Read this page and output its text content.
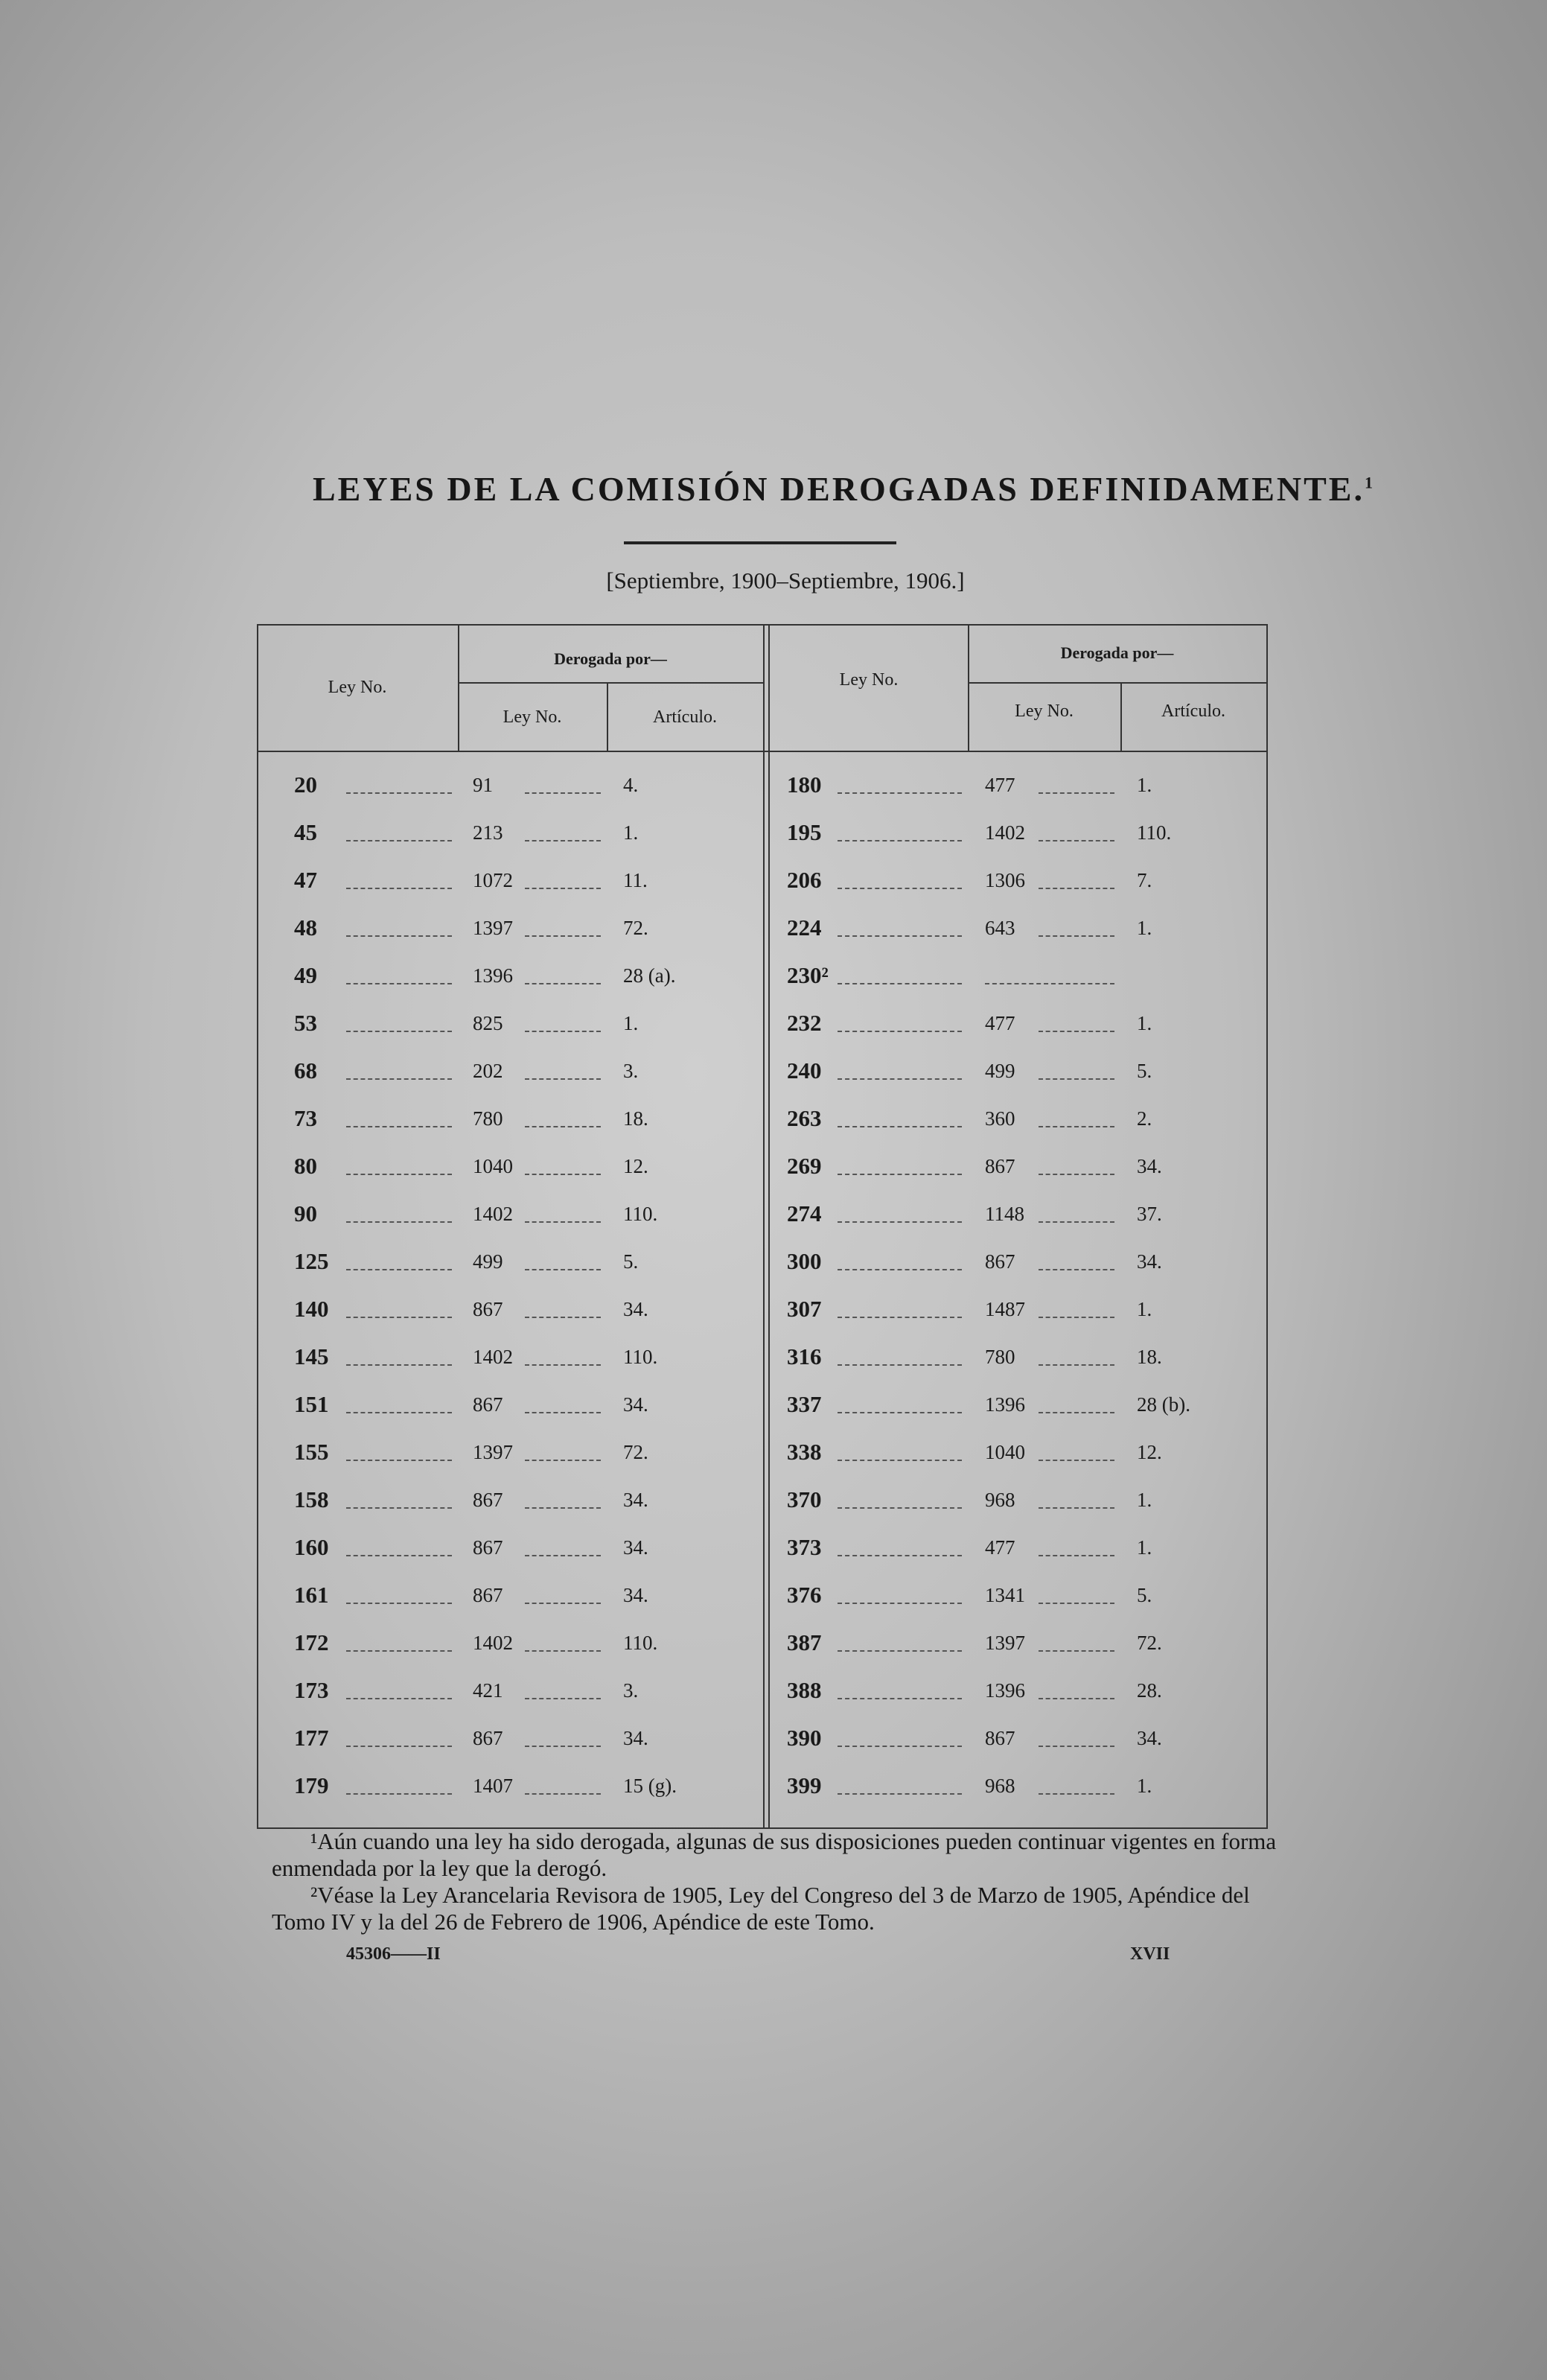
LEYES DE LA COMISIÓN DEROGADAS DEFINIDAMENTE.$^1$
[Septiembre, 1900–Septiembre, 1906.]
Ley No.
Derogada por—
Ley No.	Artículo.
Ley No.
Derogada por—
Ley No.	Artículo.
20	91	4.
45	213	1.
47	1072	11.
48	1397	72.
49	1396	28 (a).
53	825	1.
68	202	3.
73	780	18.
80	1040	12.
90	1402	110.
125	499	5.
140	867	34.
145	1402	110.
151	867	34.
155	1397	72.
158	867	34.
160	867	34.
161	867	34.
172	1402	110.
173	421	3.
177	867	34.
179	1407	15 (g).
180	477	1.
195	1402	110.
206	1306	7.
224	643	1.
230²
232	477	1.
240	499	5.
263	360	2.
269	867	34.
274	1148	37.
300	867	34.
307	1487	1.
316	780	18.
337	1396	28 (b).
338	1040	12.
370	968	1.
373	477	1.
376	1341	5.
387	1397	72.
388	1396	28.
390	867	34.
399	968	1.

¹Aún cuando una ley ha sido derogada, algunas de sus disposiciones pueden continuar vigentes en forma enmendada por la ley que la derogó.

²Véase la Ley Arancelaria Revisora de 1905, Ley del Congreso del 3 de Marzo de 1905, Apéndice del Tomo IV y la del 26 de Febrero de 1906, Apéndice de este Tomo.

45306——II	XVII
